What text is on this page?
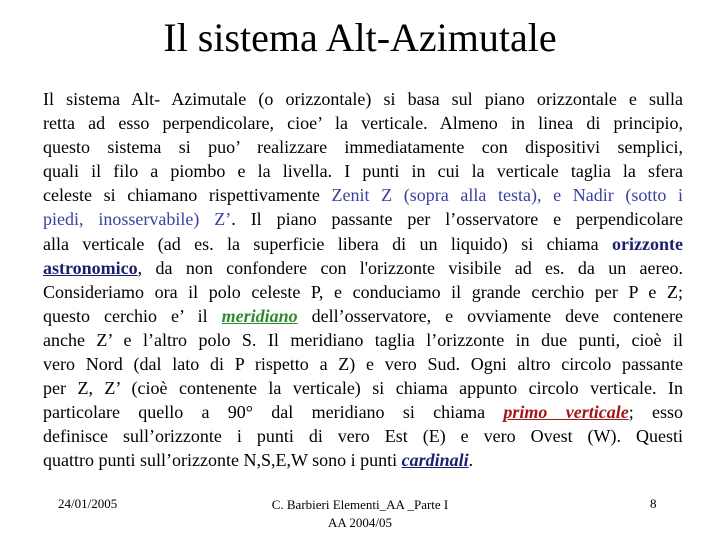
Il sistema Alt-Azimutale
Il sistema Alt- Azimutale (o orizzontale) si basa sul piano orizzontale e sulla
retta ad esso perpendicolare, cioe’ la verticale. Almeno in linea di principio,
questo sistema si puo’ realizzare immediatamente con dispositivi semplici,
quali il filo a piombo e la livella. I punti in cui la verticale taglia la sfera
celeste si chiamano rispettivamente Zenit Z (sopra alla testa), e Nadir (sotto i
piedi, inosservabile) Z’. Il piano passante per l’osservatore e perpendicolare
alla verticale (ad es. la superficie libera di un liquido) si chiama orizzonte
astronomico, da non confondere con l'orizzonte visibile ad es. da un aereo.
Consideriamo ora il polo celeste P, e conduciamo il grande cerchio per P e Z;
questo cerchio e’ il meridiano dell’osservatore, e ovviamente deve contenere
anche Z’ e l’altro polo S. Il meridiano taglia l’orizzonte in due punti, cioè il
vero Nord (dal lato di P rispetto a Z) e vero Sud. Ogni altro circolo passante
per Z, Z’ (cioè contenente la verticale) si chiama appunto circolo verticale. In
particolare quello a 90° dal meridiano si chiama primo verticale; esso
definisce sull’orizzonte i punti di vero Est (E) e vero Ovest (W). Questi
quattro punti sull’orizzonte N,S,E,W sono i punti cardinali.
24/01/2005	C. Barbieri Elementi_AA _Parte I
AA 2004/05
8
